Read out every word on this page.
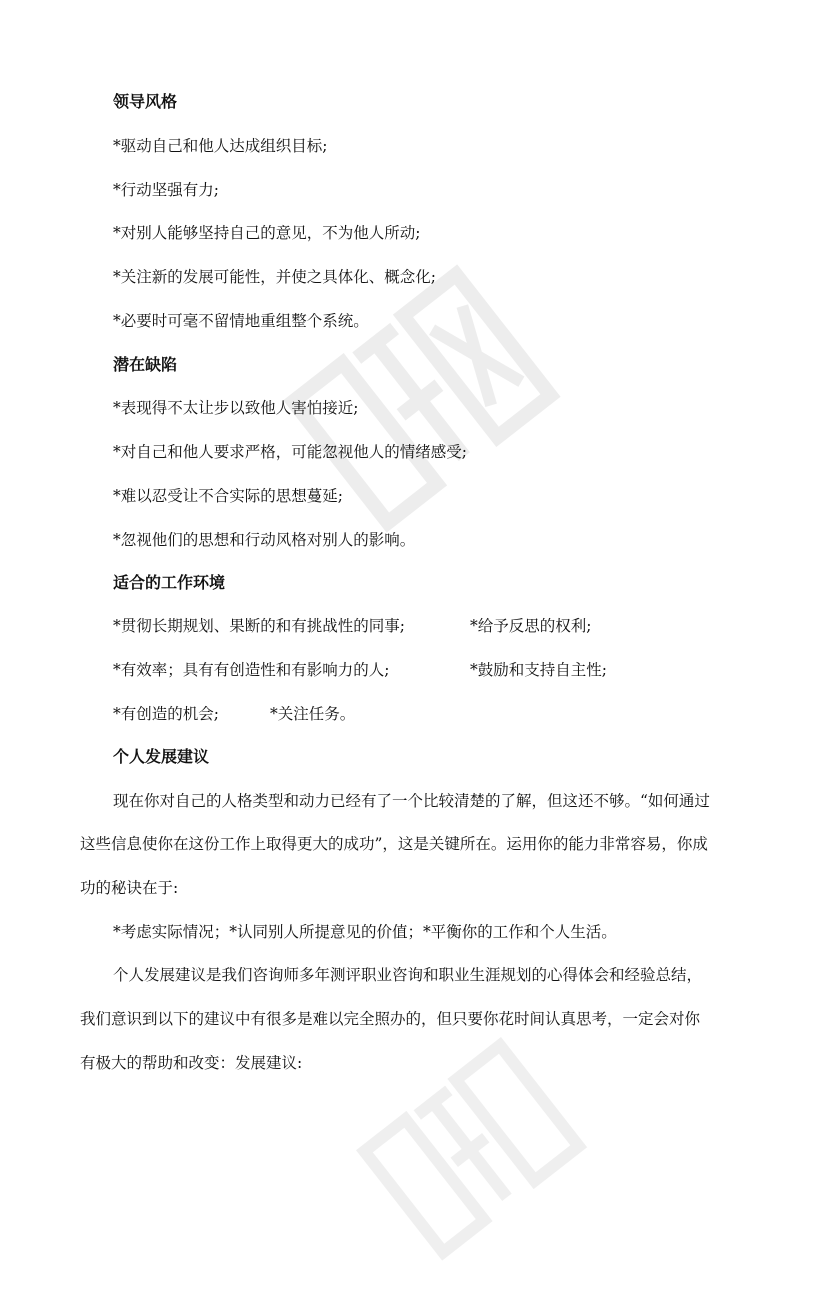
领导风格
*驱动自己和他人达成组织目标;
*行动坚强有力;
*对别人能够坚持自己的意见，不为他人所动;
*关注新的发展可能性，并使之具体化、概念化;
*必要时可毫不留情地重组整个系统。
潜在缺陷
*表现得不太让步以致他人害怕接近;
*对自己和他人要求严格，可能忽视他人的情绪感受;
*难以忍受让不合实际的思想蔓延;
*忽视他们的思想和行动风格对别人的影响。
适合的工作环境
*贯彻长期规划、果断的和有挑战性的同事;	*给予反思的权利;
*有效率；具有有创造性和有影响力的人;	*鼓励和支持自主性;
*有创造的机会;	*关注任务。
个人发展建议
现在你对自己的人格类型和动力已经有了一个比较清楚的了解，但这还不够。“如何通过
这些信息使你在这份工作上取得更大的成功”，这是关键所在。运用你的能力非常容易，你成
功的秘诀在于:
*考虑实际情况；*认同别人所提意见的价值；*平衡你的工作和个人生活。
个人发展建议是我们咨询师多年测评职业咨询和职业生涯规划的心得体会和经验总结，
我们意识到以下的建议中有很多是难以完全照办的，但只要你花时间认真思考，一定会对你
有极大的帮助和改变：发展建议:
